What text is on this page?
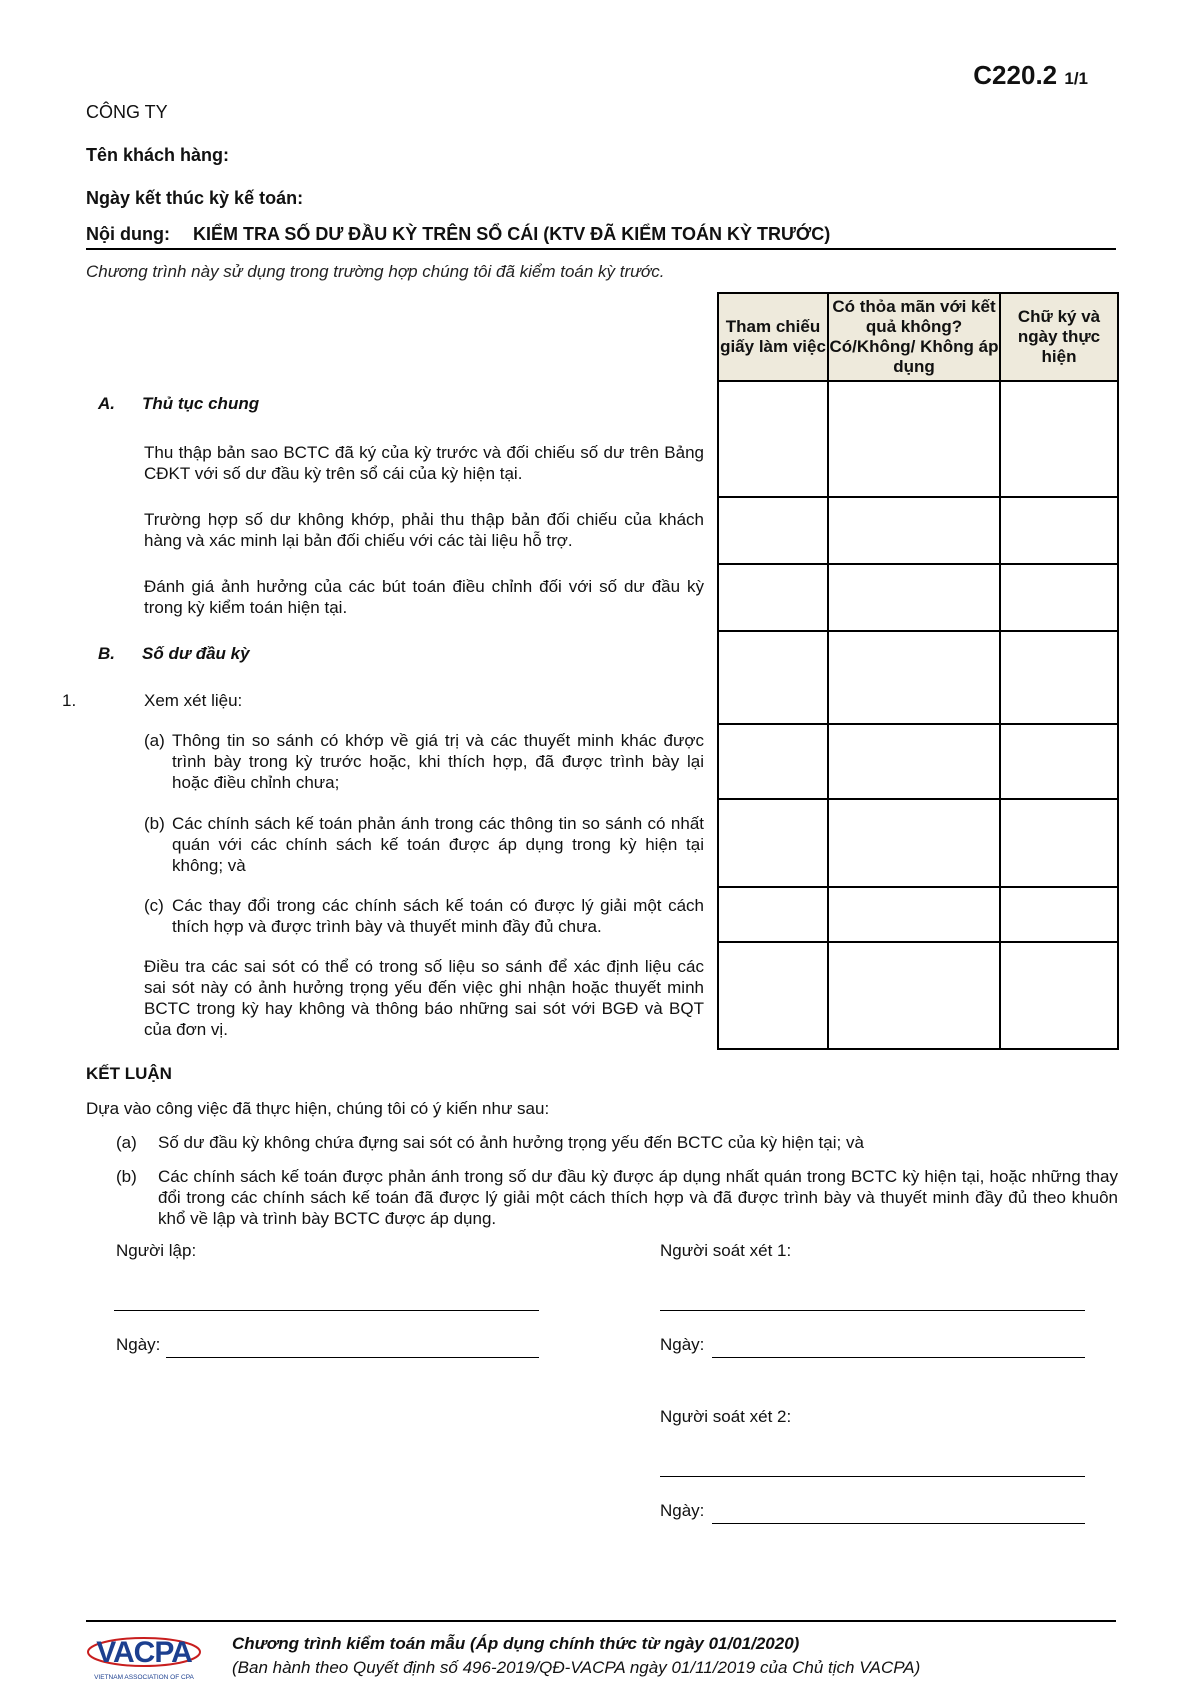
C220.2 1/1
CÔNG TY
Tên khách hàng:
Ngày kết thúc kỳ kế toán:
Nội dung: KIỂM TRA SỐ DƯ ĐẦU KỲ TRÊN SỔ CÁI (KTV ĐÃ KIỂM TOÁN KỲ TRƯỚC)
Chương trình này sử dụng trong trường hợp chúng tôi đã kiểm toán kỳ trước.
Tham chiếu giấy làm việc	Có thỏa mãn với kết quả không? Có/Không/ Không áp dụng	Chữ ký và ngày thực hiện

A. Thủ tục chung
Thu thập bản sao BCTC đã ký của kỳ trước và đối chiếu số dư trên Bảng CĐKT với số dư đầu kỳ trên sổ cái của kỳ hiện tại.
Trường hợp số dư không khớp, phải thu thập bản đối chiếu của khách hàng và xác minh lại bản đối chiếu với các tài liệu hỗ trợ.
Đánh giá ảnh hưởng của các bút toán điều chỉnh đối với số dư đầu kỳ trong kỳ kiểm toán hiện tại.
B. Số dư đầu kỳ
1.	Xem xét liệu:
(a) Thông tin so sánh có khớp về giá trị và các thuyết minh khác được trình bày trong kỳ trước hoặc, khi thích hợp, đã được trình bày lại hoặc điều chỉnh chưa;
(b) Các chính sách kế toán phản ánh trong các thông tin so sánh có nhất quán với các chính sách kế toán được áp dụng trong kỳ hiện tại không; và
(c) Các thay đổi trong các chính sách kế toán có được lý giải một cách thích hợp và được trình bày và thuyết minh đầy đủ chưa.
Điều tra các sai sót có thể có trong số liệu so sánh để xác định liệu các sai sót này có ảnh hưởng trọng yếu đến việc ghi nhận hoặc thuyết minh BCTC trong kỳ hay không và thông báo những sai sót với BGĐ và BQT của đơn vị.
KẾT LUẬN
Dựa vào công việc đã thực hiện, chúng tôi có ý kiến như sau:
(a) Số dư đầu kỳ không chứa đựng sai sót có ảnh hưởng trọng yếu đến BCTC của kỳ hiện tại; và
(b) Các chính sách kế toán được phản ánh trong số dư đầu kỳ được áp dụng nhất quán trong BCTC kỳ hiện tại, hoặc những thay đổi trong các chính sách kế toán đã được lý giải một cách thích hợp và đã được trình bày và thuyết minh đầy đủ theo khuôn khổ về lập và trình bày BCTC được áp dụng.
Người lập:
Ngày:
Người soát xét 1:
Ngày:
Người soát xét 2:
Ngày:
VACPA
VIETNAM ASSOCIATION OF CPA
Chương trình kiểm toán mẫu (Áp dụng chính thức từ ngày 01/01/2020)
(Ban hành theo Quyết định số 496-2019/QĐ-VACPA ngày 01/11/2019 của Chủ tịch VACPA)
